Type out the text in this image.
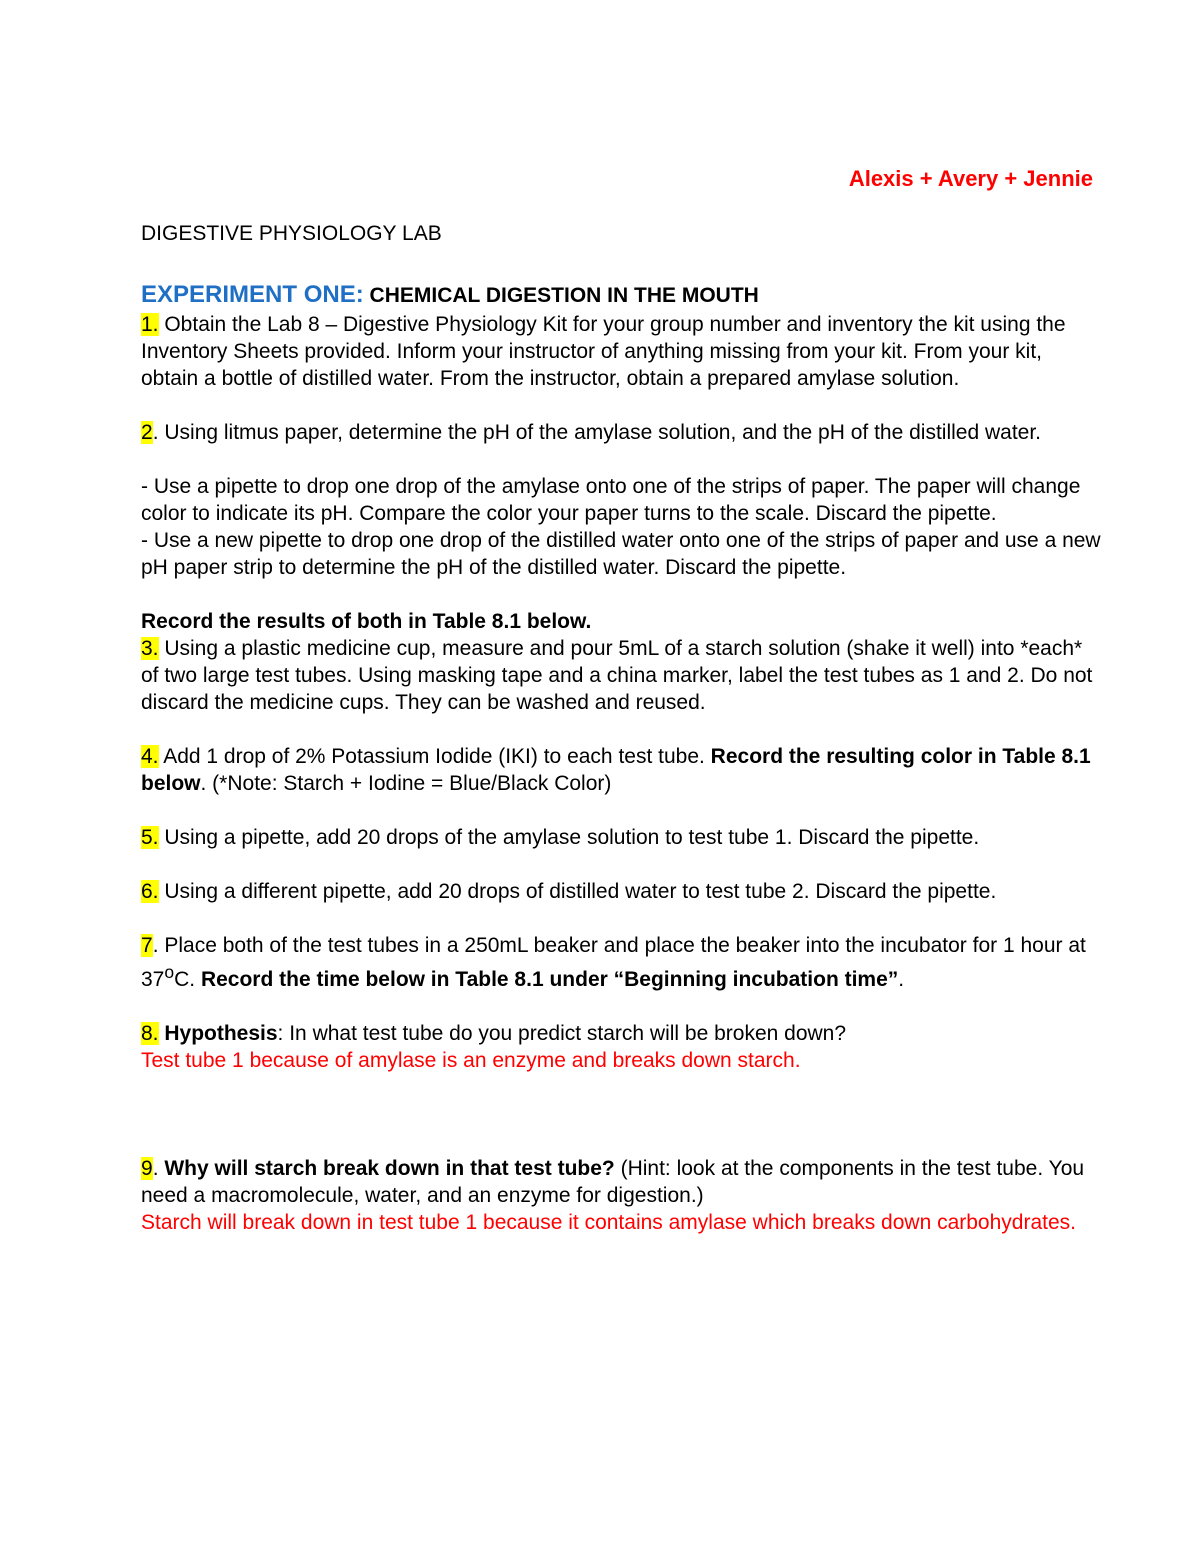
Alexis + Avery + Jennie

DIGESTIVE PHYSIOLOGY LAB

EXPERIMENT ONE: CHEMICAL DIGESTION IN THE MOUTH

1. Obtain the Lab 8 – Digestive Physiology Kit for your group number and inventory the kit using the Inventory Sheets provided. Inform your instructor of anything missing from your kit. From your kit, obtain a bottle of distilled water. From the instructor, obtain a prepared amylase solution.

2. Using litmus paper, determine the pH of the amylase solution, and the pH of the distilled water.

- Use a pipette to drop one drop of the amylase onto one of the strips of paper. The paper will change color to indicate its pH. Compare the color your paper turns to the scale. Discard the pipette.

- Use a new pipette to drop one drop of the distilled water onto one of the strips of paper and use a new pH paper strip to determine the pH of the distilled water. Discard the pipette.

Record the results of both in Table 8.1 below.

3. Using a plastic medicine cup, measure and pour 5mL of a starch solution (shake it well) into *each* of two large test tubes. Using masking tape and a china marker, label the test tubes as 1 and 2. Do not discard the medicine cups. They can be washed and reused.

4. Add 1 drop of 2% Potassium Iodide (IKI) to each test tube. Record the resulting color in Table 8.1 below. (*Note: Starch + Iodine = Blue/Black Color)

5. Using a pipette, add 20 drops of the amylase solution to test tube 1. Discard the pipette.

6. Using a different pipette, add 20 drops of distilled water to test tube 2. Discard the pipette.

7. Place both of the test tubes in a 250mL beaker and place the beaker into the incubator for 1 hour at 37$^o$C. Record the time below in Table 8.1 under “Beginning incubation time”.

8. Hypothesis: In what test tube do you predict starch will be broken down?

Test tube 1 because of amylase is an enzyme and breaks down starch.

9. Why will starch break down in that test tube? (Hint: look at the components in the test tube. You need a macromolecule, water, and an enzyme for digestion.)

Starch will break down in test tube 1 because it contains amylase which breaks down carbohydrates.
